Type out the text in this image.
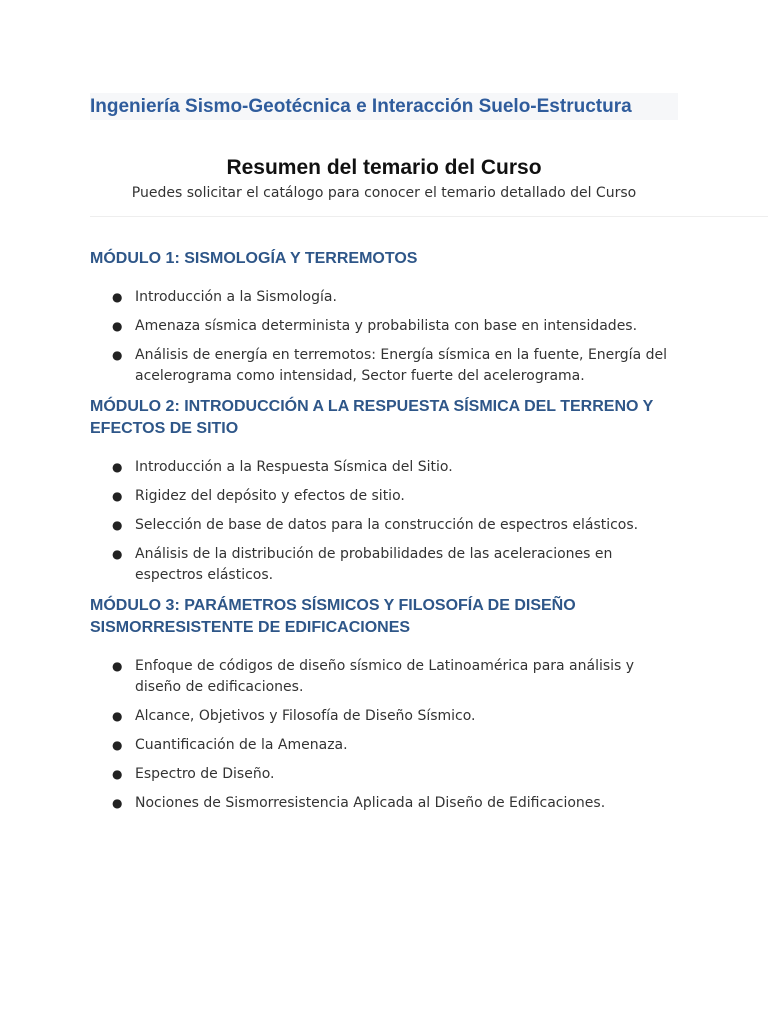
Ingeniería Sismo-Geotécnica e Interacción Suelo-Estructura
Resumen del temario del Curso
Puedes solicitar el catálogo para conocer el temario detallado del Curso
MÓDULO 1: SISMOLOGÍA Y TERREMOTOS
● Introducción a la Sismología.
● Amenaza sísmica determinista y probabilista con base en intensidades.
● Análisis de energía en terremotos: Energía sísmica en la fuente, Energía del acelerograma como intensidad, Sector fuerte del acelerograma.
MÓDULO 2: INTRODUCCIÓN A LA RESPUESTA SÍSMICA DEL TERRENO Y EFECTOS DE SITIO
● Introducción a la Respuesta Sísmica del Sitio.
● Rigidez del depósito y efectos de sitio.
● Selección de base de datos para la construcción de espectros elásticos.
● Análisis de la distribución de probabilidades de las aceleraciones en espectros elásticos.
MÓDULO 3: PARÁMETROS SÍSMICOS Y FILOSOFÍA DE DISEÑO SISMORRESISTENTE DE EDIFICACIONES
● Enfoque de códigos de diseño sísmico de Latinoamérica para análisis y diseño de edificaciones.
● Alcance, Objetivos y Filosofía de Diseño Sísmico.
● Cuantificación de la Amenaza.
● Espectro de Diseño.
● Nociones de Sismorresistencia Aplicada al Diseño de Edificaciones.
